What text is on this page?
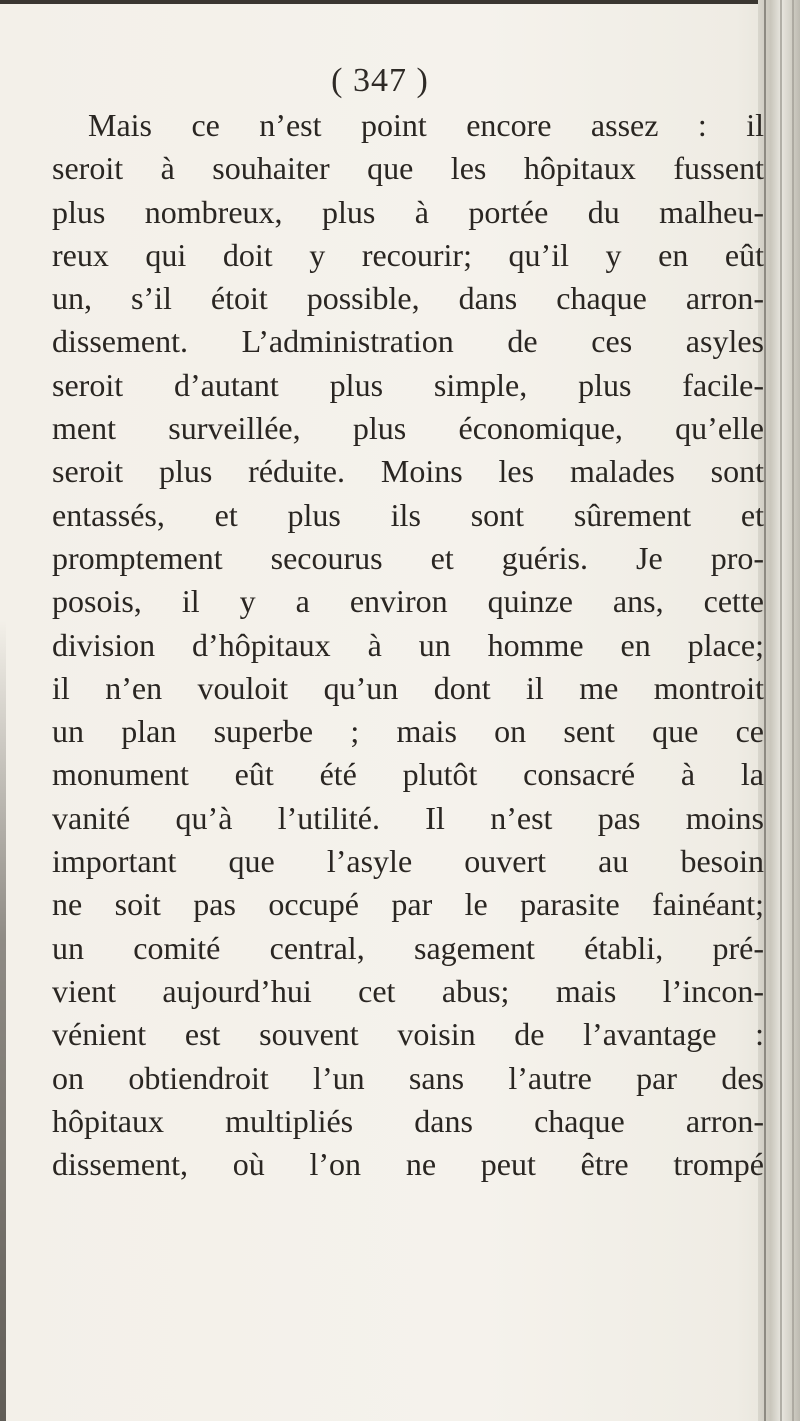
( 347 )
Mais ce n’est point encore assez : il
seroit à souhaiter que les hôpitaux fussent
plus nombreux, plus à portée du malheu-
reux qui doit y recourir; qu’il y en eût
un, s’il étoit possible, dans chaque arron-
dissement. L’administration de ces asyles
seroit d’autant plus simple, plus facile-
ment surveillée, plus économique, qu’elle
seroit plus réduite. Moins les malades sont
entassés, et plus ils sont sûrement et
promptement secourus et guéris. Je pro-
posois, il y a environ quinze ans, cette
division d’hôpitaux à un homme en place;
il n’en vouloit qu’un dont il me montroit
un plan superbe ; mais on sent que ce
monument eût été plutôt consacré à la
vanité qu’à l’utilité. Il n’est pas moins
important que l’asyle ouvert au besoin
ne soit pas occupé par le parasite fainéant;
un comité central, sagement établi, pré-
vient aujourd’hui cet abus; mais l’incon-
vénient est souvent voisin de l’avantage :
on obtiendroit l’un sans l’autre par des
hôpitaux multipliés dans chaque arron-
dissement, où l’on ne peut être trompé
